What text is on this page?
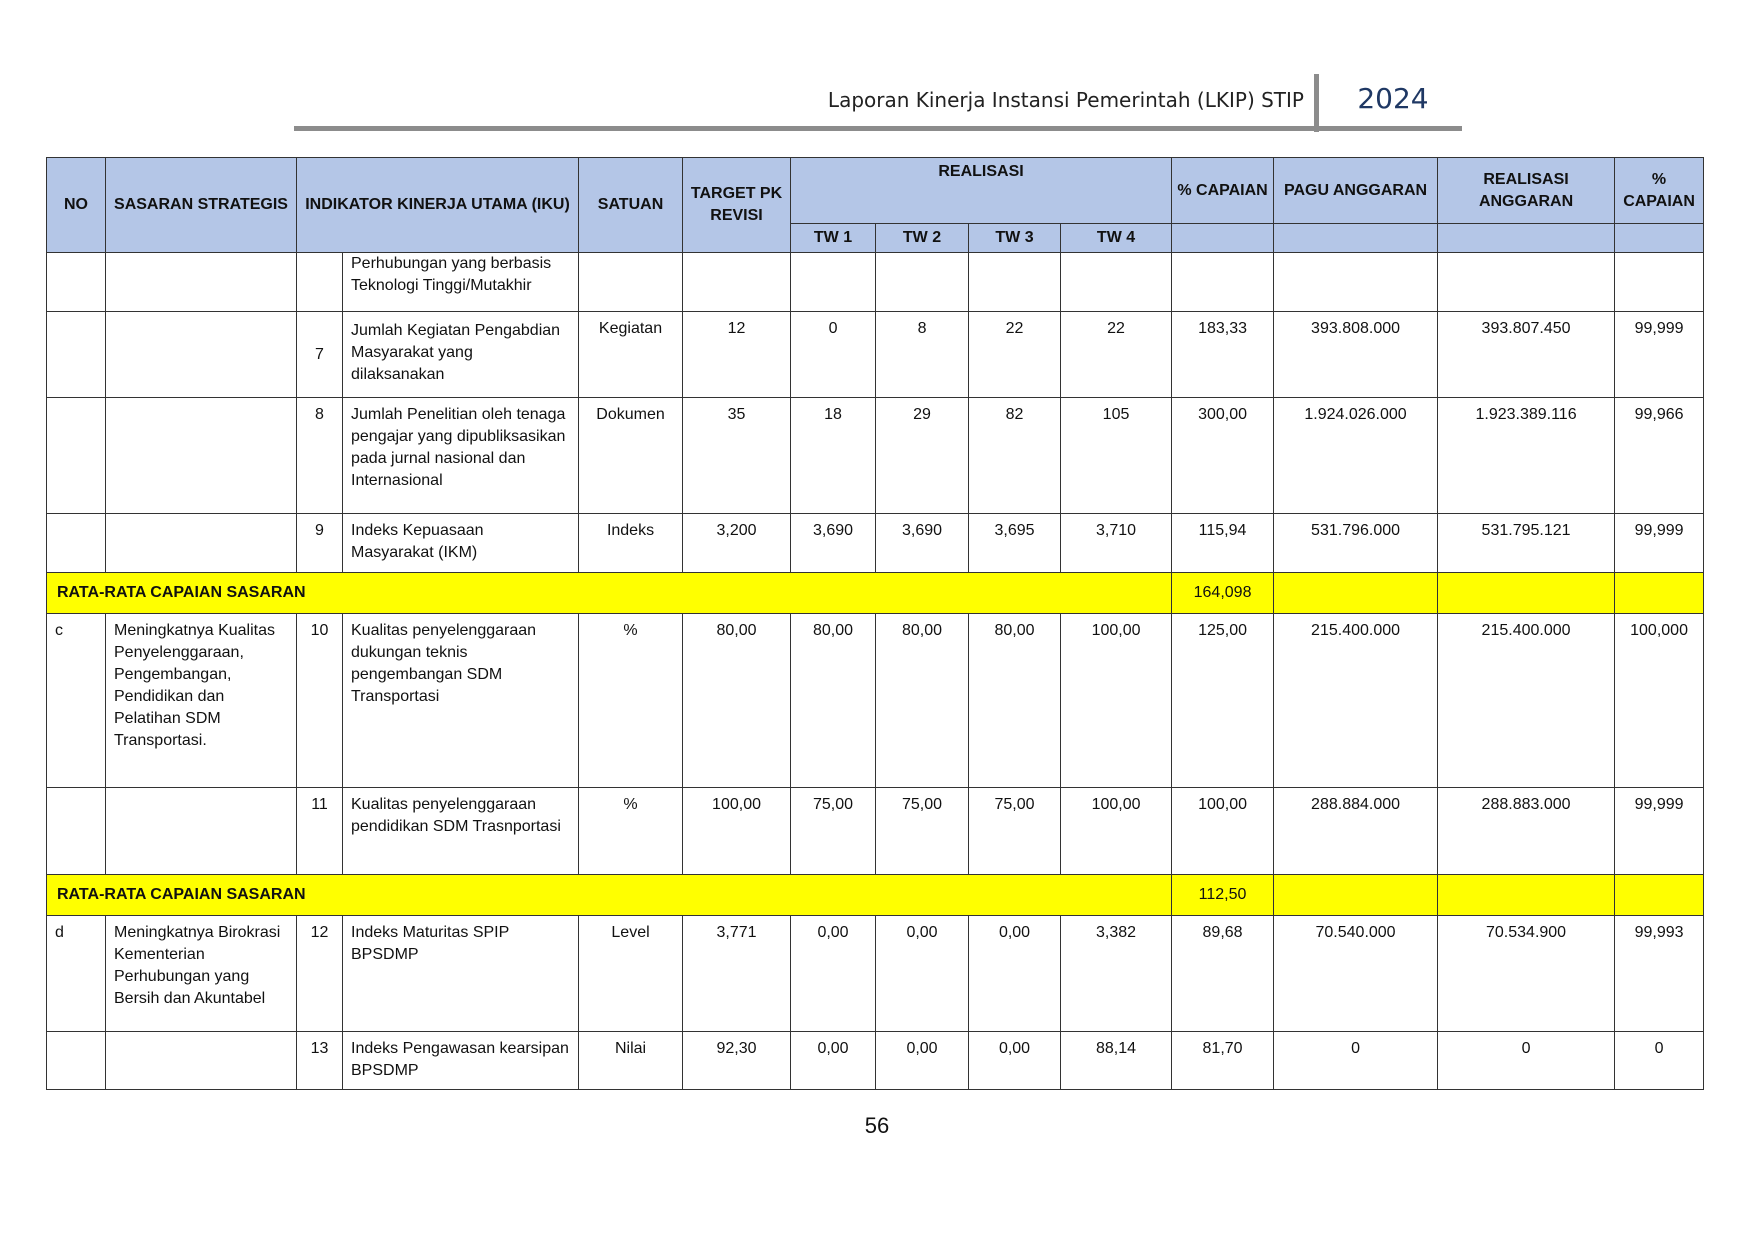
Laporan Kinerja Instansi Pemerintah (LKIP) STIP	2024
NO	SASARAN STRATEGIS	INDIKATOR KINERJA UTAMA (IKU)		SATUAN	TARGET PK REVISI	REALISASI				% CAPAIAN	PAGU ANGGARAN	REALISASI ANGGARAN	% CAPAIAN
						TW 1	TW 2	TW 3	TW 4				
			Perhubungan yang berbasis Teknologi Tinggi/Mutakhir										
		7	Jumlah Kegiatan Pengabdian Masyarakat yang dilaksanakan	Kegiatan	12	0	8	22	22	183,33	393.808.000	393.807.450	99,999
		8	Jumlah Penelitian oleh tenaga pengajar yang dipubliksasikan pada jurnal nasional dan Internasional	Dokumen	35	18	29	82	105	300,00	1.924.026.000	1.923.389.116	99,966
		9	Indeks Kepuasaan Masyarakat (IKM)	Indeks	3,200	3,690	3,690	3,695	3,710	115,94	531.796.000	531.795.121	99,999
RATA-RATA CAPAIAN SASARAN										164,098			
c	Meningkatnya Kualitas Penyelenggaraan, Pengembangan, Pendidikan dan Pelatihan SDM Transportasi.	10	Kualitas penyelenggaraan dukungan teknis pengembangan SDM Transportasi	%	80,00	80,00	80,00	80,00	100,00	125,00	215.400.000	215.400.000	100,000
		11	Kualitas penyelenggaraan pendidikan SDM Trasnportasi	%	100,00	75,00	75,00	75,00	100,00	100,00	288.884.000	288.883.000	99,999
RATA-RATA CAPAIAN SASARAN										112,50			
d	Meningkatnya Birokrasi Kementerian Perhubungan yang Bersih dan Akuntabel	12	Indeks Maturitas SPIP BPSDMP	Level	3,771	0,00	0,00	0,00	3,382	89,68	70.540.000	70.534.900	99,993
		13	Indeks Pengawasan kearsipan BPSDMP	Nilai	92,30	0,00	0,00	0,00	88,14	81,70	0	0	0
56
